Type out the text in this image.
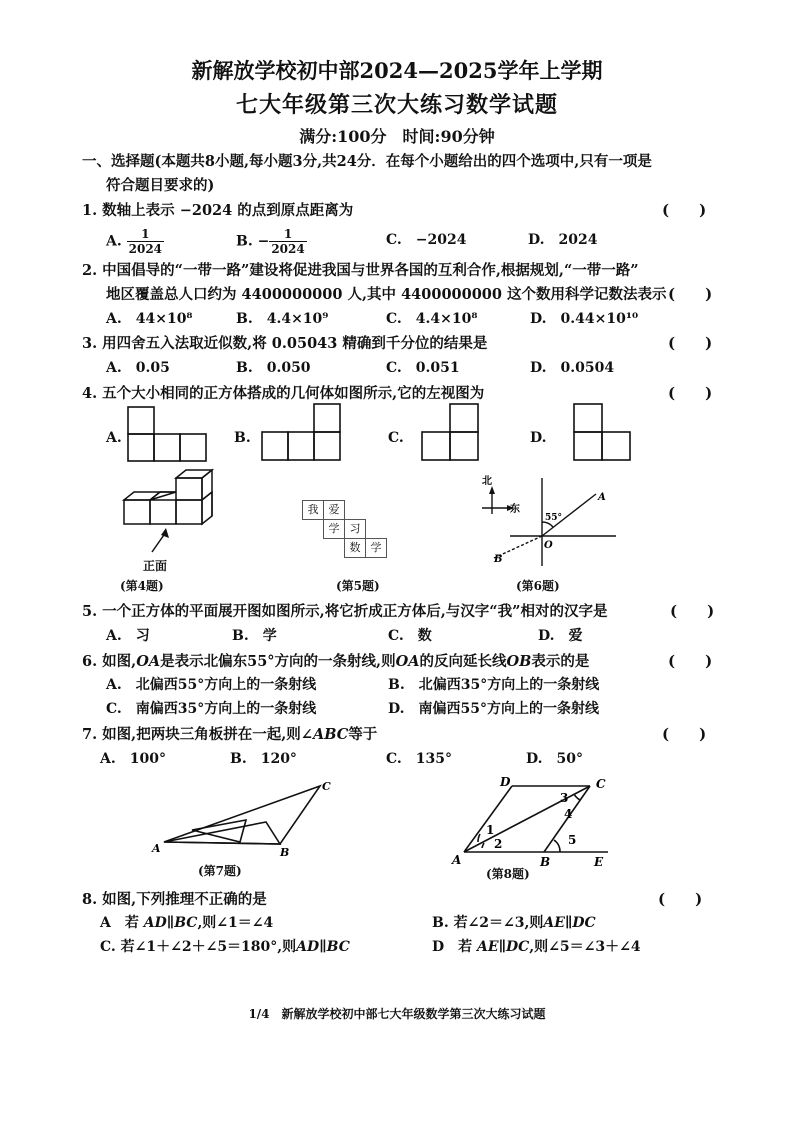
新解放学校初中部2024—2025学年上学期
七大年级第三次大练习数学试题
满分:100分　时间:90分钟
一、选择题(本题共8小题,每小题3分,共24分．在每个小题给出的四个选项中,只有一项是
符合题目要求的)
1. 数轴上表示 −2024 的点到原点距离为	(　　)
A. $\frac{1}{2024}$	B. − $\frac{1}{2024}$	C.　−2024	D.　2024
2. 中国倡导的“一带一路”建设将促进我国与世界各国的互利合作,根据规划,“一带一路”
地区覆盖总人口约为 4400000000 人,其中 4400000000 这个数用科学记数法表示 (　　)
A.　44×10⁸	B.　4.4×10⁹	C.　4.4×10⁸	D.　0.44×10¹⁰
3. 用四舍五入法取近似数,将 0.05043 精确到千分位的结果是	(　　)
A.　0.05	B.　0.050	C.　0.051	D.　0.0504
4. 五个大小相同的正方体搭成的几何体如图所示,它的左视图为	(　　)
A.	B.	C.	D.
正面
(第4题)
我 爱
学 习
数 学
(第5题)
北
东
55°
A
O
B
(第6题)
5. 一个正方体的平面展开图如图所示,将它折成正方体后,与汉字“我”相对的汉字是	(　　)
A.　习	B.　学	C.　数	D.　爱
6. 如图,OA是表示北偏东55°方向的一条射线,则OA的反向延长线OB表示的是	(　　)
A.　北偏西55°方向上的一条射线	B.　北偏西35°方向上的一条射线
C.　南偏西35°方向上的一条射线	D.　南偏西55°方向上的一条射线
7. 如图,把两块三角板拼在一起,则∠ABC等于	(　　)
A.　100°	B.　120°	C.　135°	D.　50°
A	B
C
(第7题)
A	B
C
D
E
1
2
3
4
5
(第8题)
8. 如图,下列推理不正确的是	(　　)
A　若 AD∥BC,则∠1＝∠4	B. 若∠2＝∠3,则AE∥DC
C. 若∠1＋∠2＋∠5＝180°,则AD∥BC	D　若 AE∥DC,则∠5＝∠3＋∠4
1/4　新解放学校初中部七大年级数学第三次大练习试题
